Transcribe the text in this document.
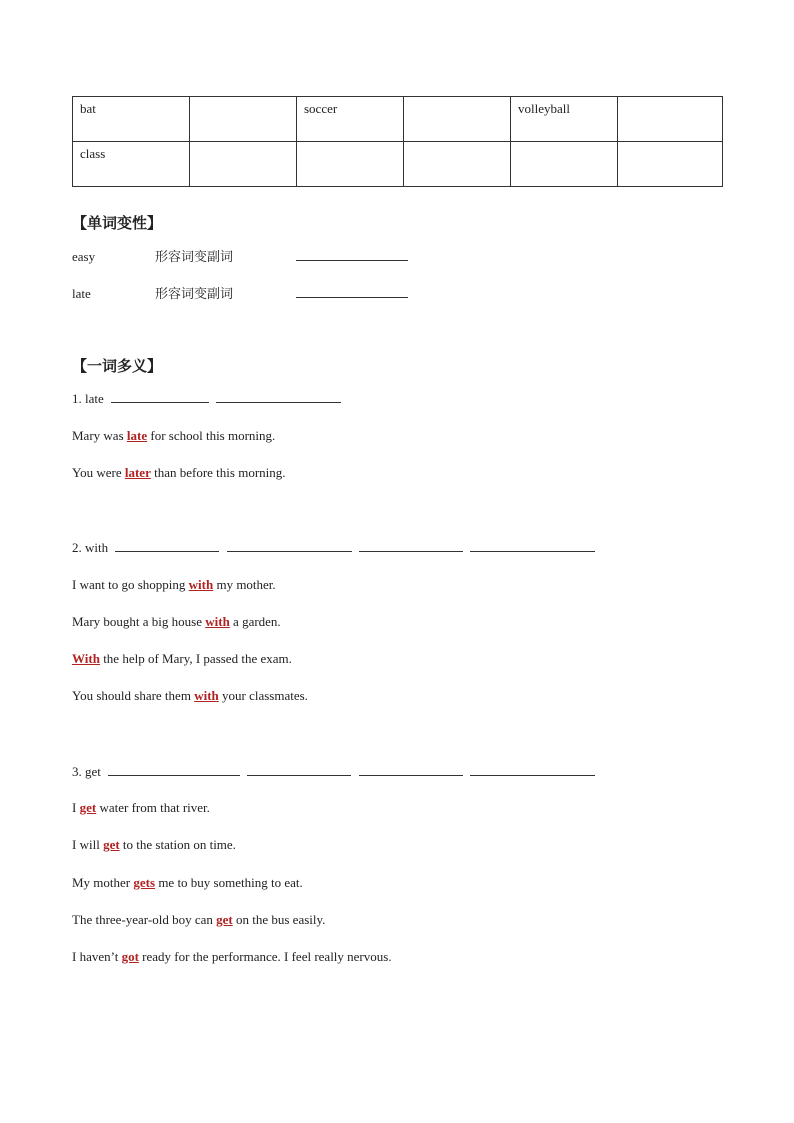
bat		soccer		volleyball	
class					
【单词变性】
easy	形容词变副词
late	形容词变副词
【一词多义】
1. late
Mary was late for school this morning.
You were later than before this morning.
2. with
I want to go shopping with my mother.
Mary bought a big house with a garden.
With the help of Mary, I passed the exam.
You should share them with your classmates.
3. get
I get water from that river.
I will get to the station on time.
My mother gets me to buy something to eat.
The three-year-old boy can get on the bus easily.
I haven’t got ready for the performance. I feel really nervous.
